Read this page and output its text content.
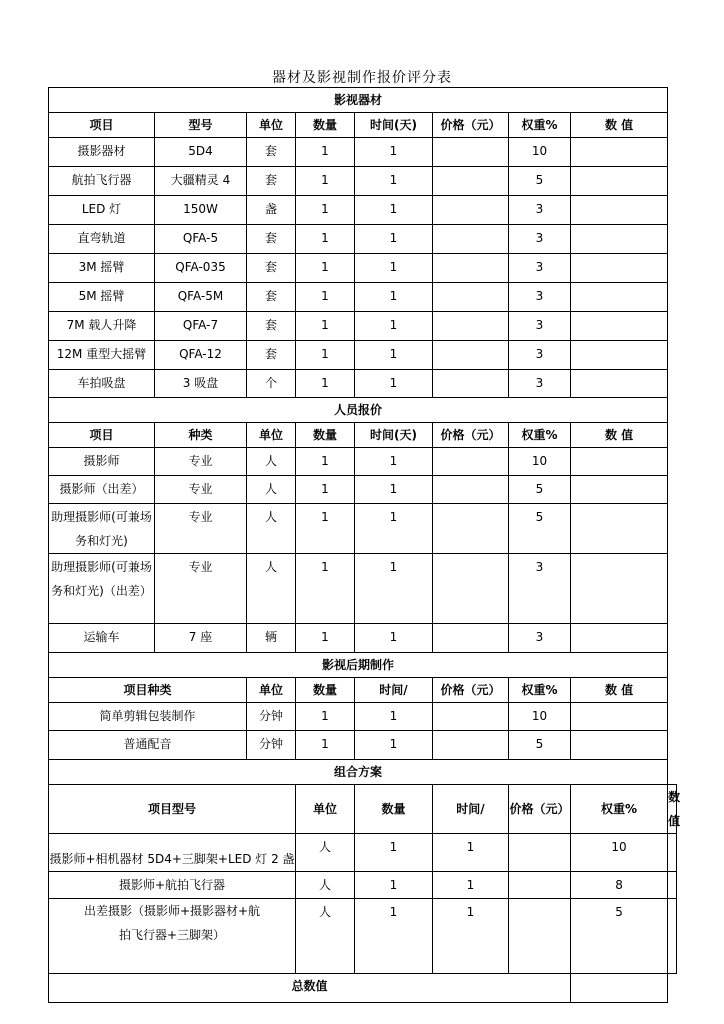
器材及影视制作报价评分表
影视器材								
项目	型号	单位	数量	时间(天)	价格（元）	权重%	数 值	
摄影器材	5D4	套	1	1		10		
航拍飞行器	大疆精灵 4	套	1	1		5		
LED 灯	150W	盏	1	1		3		
直弯轨道	QFA-5	套	1	1		3		
3M 摇臂	QFA-035	套	1	1		3		
5M 摇臂	QFA-5M	套	1	1		3		
7M 载人升降	QFA-7	套	1	1		3		
12M 重型大摇臂	QFA-12	套	1	1		3		
车拍吸盘	3 吸盘	个	1	1		3		
人员报价								
项目	种类	单位	数量	时间(天)	价格（元）	权重%	数 值	
摄影师	专业	人	1	1		10		
摄影师（出差）	专业	人	1	1		5		
助理摄影师(可兼场务和灯光)	专业	人	1	1		5		
助理摄影师(可兼场务和灯光)（出差）	专业	人	1	1		3		
运输车	7 座	辆	1	1		3		
影视后期制作								
项目种类		单位	数量	时间/	价格（元）	权重%	数 值	
简单剪辑包装制作		分钟	1	1		10		
普通配音		分钟	1	1		5		
组合方案								
项目型号			单位	数量	时间/	价格（元）	权重%	数 值
摄影师+相机器材 5D4+三脚架+LED 灯 2 盏			人	1	1		10	
摄影师+航拍飞行器			人	1	1		8	
出差摄影（摄影师+摄影器材+航拍飞行器+三脚架）			人	1	1		5	
总数值								
